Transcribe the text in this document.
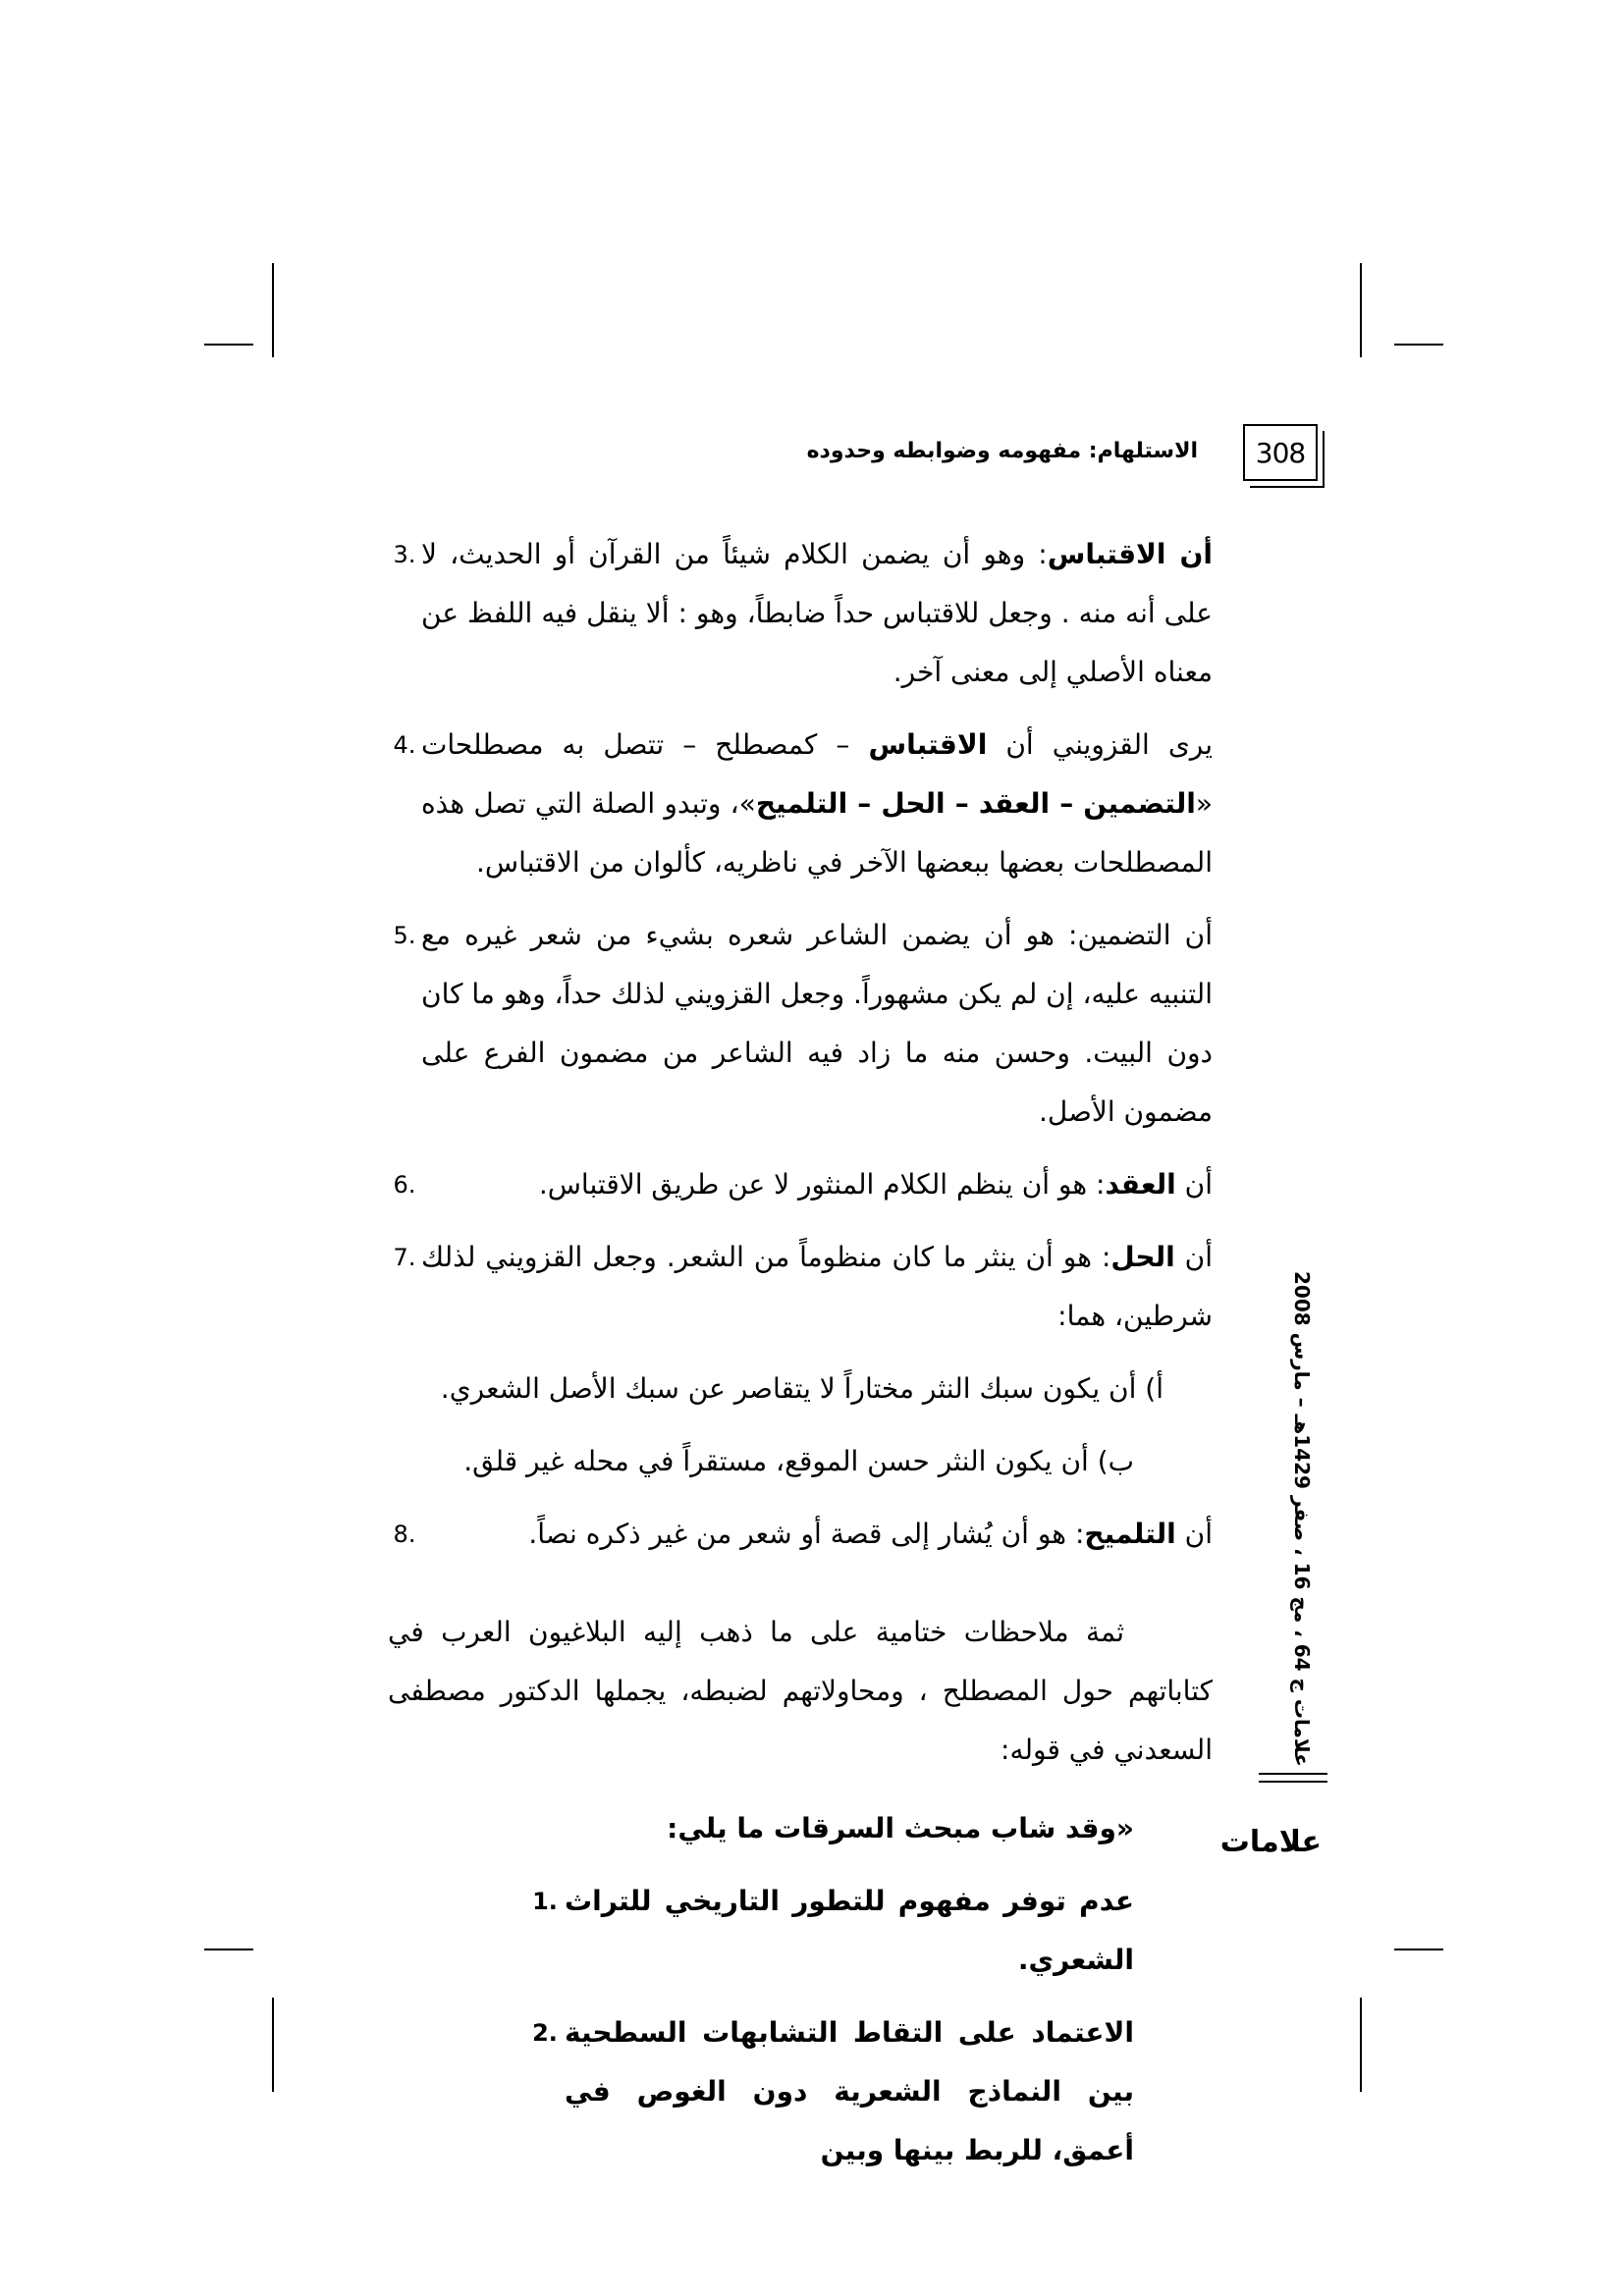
308
الاستلهام: مفهومه وضوابطه وحدوده
أن الاقتباس: وهو أن يضمن الكلام شيئاً من القرآن أو الحديث، لا على أنه منه . وجعل للاقتباس حداً ضابطاً، وهو : ألا ينقل فيه اللفظ عن معناه الأصلي إلى معنى آخر.
3.
يرى القزويني أن الاقتباس – كمصطلح – تتصل به مصطلحات «التضمين – العقد – الحل – التلميح»، وتبدو الصلة التي تصل هذه المصطلحات بعضها ببعضها الآخر في ناظريه، كألوان من الاقتباس.
4.
أن التضمين: هو أن يضمن الشاعر شعره بشيء من شعر غيره مع التنبيه عليه، إن لم يكن مشهوراً. وجعل القزويني لذلك حداً، وهو ما كان دون البيت. وحسن منه ما زاد فيه الشاعر من مضمون الفرع على مضمون الأصل.
5.
أن العقد: هو أن ينظم الكلام المنثور لا عن طريق الاقتباس.
6.
أن الحل: هو أن ينثر ما كان منظوماً من الشعر. وجعل القزويني لذلك شرطين، هما:
7.
أ) أن يكون سبك النثر مختاراً لا يتقاصر عن سبك الأصل الشعري.
ب) أن يكون النثر حسن الموقع، مستقراً في محله غير قلق.
أن التلميح: هو أن يُشار إلى قصة أو شعر من غير ذكره نصاً.
8.
ثمة ملاحظات ختامية على ما ذهب إليه البلاغيون العرب في كتاباتهم حول المصطلح ، ومحاولاتهم لضبطه، يجملها الدكتور مصطفى السعدني في قوله:
«وقد شاب مبحث السرقات ما يلي:
عدم توفر مفهوم للتطور التاريخي للتراث الشعري.
1.
الاعتماد على التقاط التشابهات السطحية بين النماذج الشعرية دون الغوص في أعمق، للربط بينها وبين
2.
علامات ج 64 ، مج 16 ، صفر 1429هـ – مارس 2008
علامات
